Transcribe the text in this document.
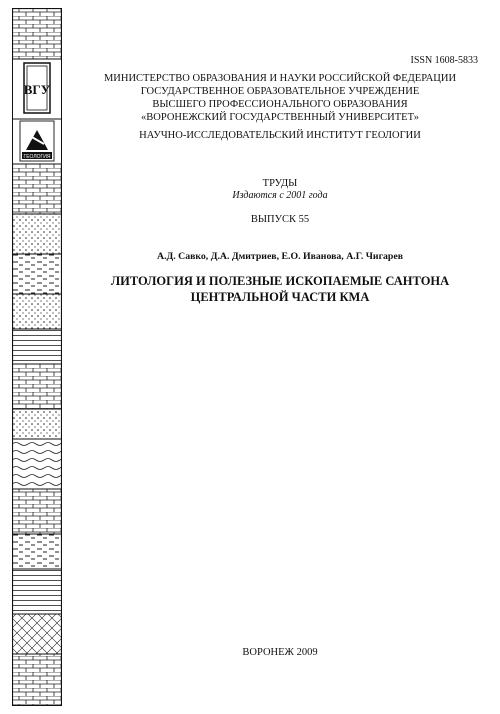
ВГУ
ГЕОЛОГИЯ
ISSN 1608-5833
МИНИСТЕРСТВО ОБРАЗОВАНИЯ И НАУКИ РОССИЙСКОЙ ФЕДЕРАЦИИ
ГОСУДАРСТВЕННОЕ ОБРАЗОВАТЕЛЬНОЕ УЧРЕЖДЕНИЕ
ВЫСШЕГО ПРОФЕССИОНАЛЬНОГО ОБРАЗОВАНИЯ
«ВОРОНЕЖСКИЙ ГОСУДАРСТВЕННЫЙ УНИВЕРСИТЕТ»
НАУЧНО-ИССЛЕДОВАТЕЛЬСКИЙ ИНСТИТУТ ГЕОЛОГИИ
ТРУДЫ
Издаются с 2001 года
ВЫПУСК 55
А.Д. Савко, Д.А. Дмитриев, Е.О. Иванова, А.Г. Чигарев
ЛИТОЛОГИЯ И ПОЛЕЗНЫЕ ИСКОПАЕМЫЕ САНТОНА
ЦЕНТРАЛЬНОЙ ЧАСТИ КМА
ВОРОНЕЖ 2009
